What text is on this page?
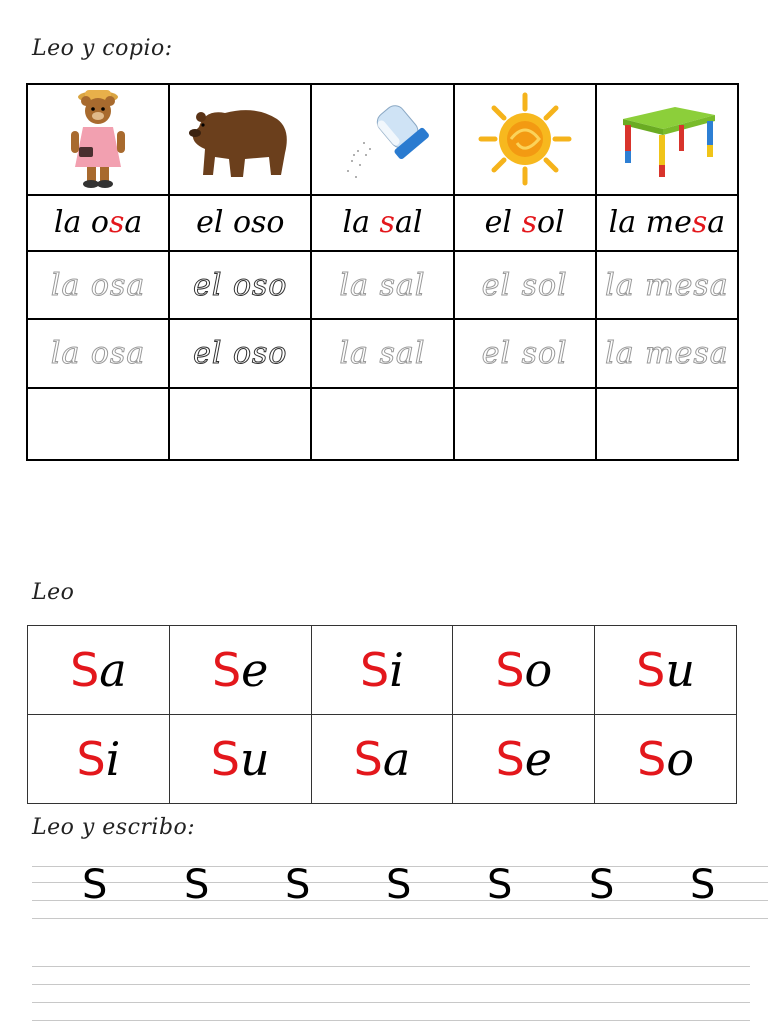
Leo y copio:

la osa	el oso	la sal	el sol	la mesa
la osa	el oso	la sal	el sol	la mesa
la osa	el oso	la sal	el sol	la mesa

Leo
Sa	Se	Si	So	Su
Si	Su	Sa	Se	So
Leo y escribo:
S S S S S S S
